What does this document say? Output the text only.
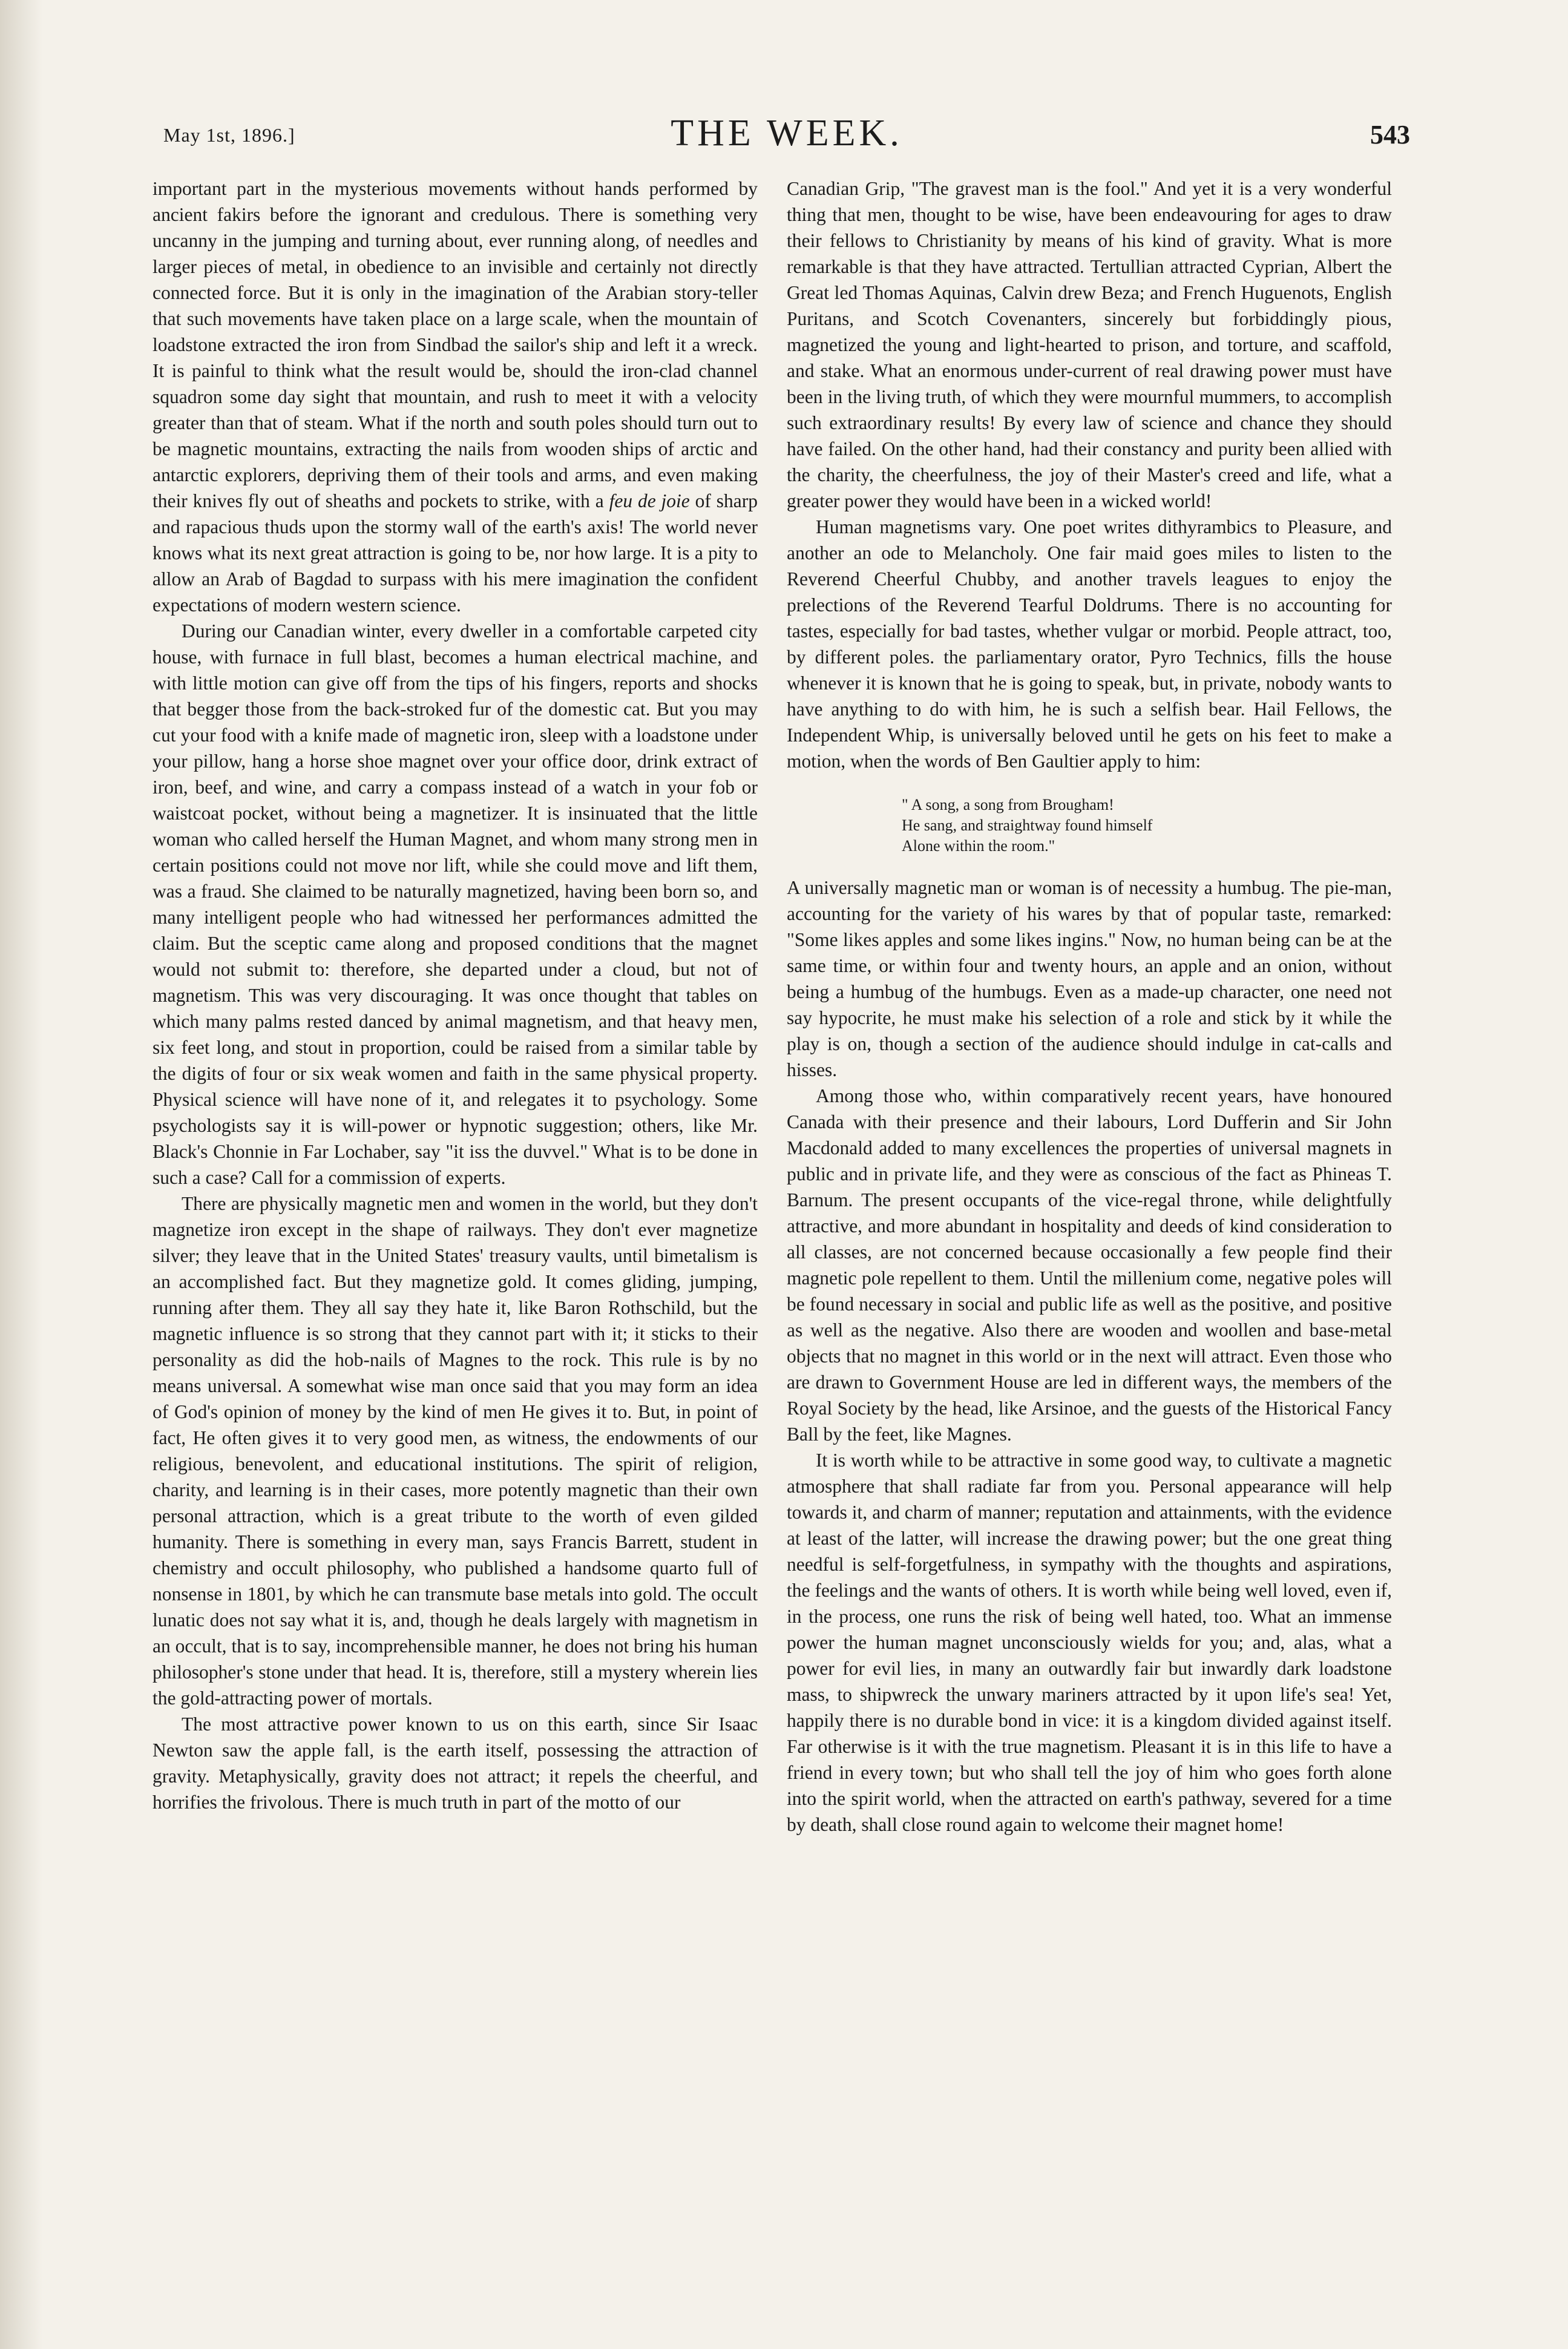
May 1st, 1896.]	THE WEEK.	543

important part in the mysterious movements without hands performed by ancient fakirs before the ignorant and credulous. There is something very uncanny in the jumping and turning about, ever running along, of needles and larger pieces of metal, in obedience to an invisible and certainly not directly connected force. But it is only in the imagination of the Arabian story-teller that such movements have taken place on a large scale, when the mountain of loadstone extracted the iron from Sindbad the sailor's ship and left it a wreck. It is painful to think what the result would be, should the iron-clad channel squadron some day sight that mountain, and rush to meet it with a velocity greater than that of steam. What if the north and south poles should turn out to be magnetic mountains, extracting the nails from wooden ships of arctic and antarctic explorers, depriving them of their tools and arms, and even making their knives fly out of sheaths and pockets to strike, with a feu de joie of sharp and rapacious thuds upon the stormy wall of the earth's axis! The world never knows what its next great attraction is going to be, nor how large. It is a pity to allow an Arab of Bagdad to surpass with his mere imagination the confident expectations of modern western science.

During our Canadian winter, every dweller in a comfortable carpeted city house, with furnace in full blast, becomes a human electrical machine, and with little motion can give off from the tips of his fingers, reports and shocks that begger those from the back-stroked fur of the domestic cat. But you may cut your food with a knife made of magnetic iron, sleep with a loadstone under your pillow, hang a horse shoe magnet over your office door, drink extract of iron, beef, and wine, and carry a compass instead of a watch in your fob or waistcoat pocket, without being a magnetizer. It is insinuated that the little woman who called herself the Human Magnet, and whom many strong men in certain positions could not move nor lift, while she could move and lift them, was a fraud. She claimed to be naturally magnetized, having been born so, and many intelligent people who had witnessed her performances admitted the claim. But the sceptic came along and proposed conditions that the magnet would not submit to: therefore, she departed under a cloud, but not of magnetism. This was very discouraging. It was once thought that tables on which many palms rested danced by animal magnetism, and that heavy men, six feet long, and stout in proportion, could be raised from a similar table by the digits of four or six weak women and faith in the same physical property. Physical science will have none of it, and relegates it to psychology. Some psychologists say it is will-power or hypnotic suggestion; others, like Mr. Black's Chonnie in Far Lochaber, say "it iss the duvvel." What is to be done in such a case? Call for a commission of experts.

There are physically magnetic men and women in the world, but they don't magnetize iron except in the shape of railways. They don't ever magnetize silver; they leave that in the United States' treasury vaults, until bimetalism is an accomplished fact. But they magnetize gold. It comes gliding, jumping, running after them. They all say they hate it, like Baron Rothschild, but the magnetic influence is so strong that they cannot part with it; it sticks to their personality as did the hob-nails of Magnes to the rock. This rule is by no means universal. A somewhat wise man once said that you may form an idea of God's opinion of money by the kind of men He gives it to. But, in point of fact, He often gives it to very good men, as witness, the endowments of our religious, benevolent, and educational institutions. The spirit of religion, charity, and learning is in their cases, more potently magnetic than their own personal attraction, which is a great tribute to the worth of even gilded humanity. There is something in every man, says Francis Barrett, student in chemistry and occult philosophy, who published a handsome quarto full of nonsense in 1801, by which he can transmute base metals into gold. The occult lunatic does not say what it is, and, though he deals largely with magnetism in an occult, that is to say, incomprehensible manner, he does not bring his human philosopher's stone under that head. It is, therefore, still a mystery wherein lies the gold-attracting power of mortals.

The most attractive power known to us on this earth, since Sir Isaac Newton saw the apple fall, is the earth itself, possessing the attraction of gravity. Metaphysically, gravity does not attract; it repels the cheerful, and horrifies the frivolous. There is much truth in part of the motto of our

Canadian Grip, "The gravest man is the fool." And yet it is a very wonderful thing that men, thought to be wise, have been endeavouring for ages to draw their fellows to Christianity by means of his kind of gravity. What is more remarkable is that they have attracted. Tertullian attracted Cyprian, Albert the Great led Thomas Aquinas, Calvin drew Beza; and French Huguenots, English Puritans, and Scotch Covenanters, sincerely but forbiddingly pious, magnetized the young and light-hearted to prison, and torture, and scaffold, and stake. What an enormous under-current of real drawing power must have been in the living truth, of which they were mournful mummers, to accomplish such extraordinary results! By every law of science and chance they should have failed. On the other hand, had their constancy and purity been allied with the charity, the cheerfulness, the joy of their Master's creed and life, what a greater power they would have been in a wicked world!

Human magnetisms vary. One poet writes dithyrambics to Pleasure, and another an ode to Melancholy. One fair maid goes miles to listen to the Reverend Cheerful Chubby, and another travels leagues to enjoy the prelections of the Reverend Tearful Doldrums. There is no accounting for tastes, especially for bad tastes, whether vulgar or morbid. People attract, too, by different poles. the parliamentary orator, Pyro Technics, fills the house whenever it is known that he is going to speak, but, in private, nobody wants to have anything to do with him, he is such a selfish bear. Hail Fellows, the Independent Whip, is universally beloved until he gets on his feet to make a motion, when the words of Ben Gaultier apply to him:

" A song, a song from Brougham!
He sang, and straightway found himself
Alone within the room."

A universally magnetic man or woman is of necessity a humbug. The pie-man, accounting for the variety of his wares by that of popular taste, remarked: "Some likes apples and some likes ingins." Now, no human being can be at the same time, or within four and twenty hours, an apple and an onion, without being a humbug of the humbugs. Even as a made-up character, one need not say hypocrite, he must make his selection of a role and stick by it while the play is on, though a section of the audience should indulge in cat-calls and hisses.

Among those who, within comparatively recent years, have honoured Canada with their presence and their labours, Lord Dufferin and Sir John Macdonald added to many excellences the properties of universal magnets in public and in private life, and they were as conscious of the fact as Phineas T. Barnum. The present occupants of the vice-regal throne, while delightfully attractive, and more abundant in hospitality and deeds of kind consideration to all classes, are not concerned because occasionally a few people find their magnetic pole repellent to them. Until the millenium come, negative poles will be found necessary in social and public life as well as the positive, and positive as well as the negative. Also there are wooden and woollen and base-metal objects that no magnet in this world or in the next will attract. Even those who are drawn to Government House are led in different ways, the members of the Royal Society by the head, like Arsinoe, and the guests of the Historical Fancy Ball by the feet, like Magnes.

It is worth while to be attractive in some good way, to cultivate a magnetic atmosphere that shall radiate far from you. Personal appearance will help towards it, and charm of manner; reputation and attainments, with the evidence at least of the latter, will increase the drawing power; but the one great thing needful is self-forgetfulness, in sympathy with the thoughts and aspirations, the feelings and the wants of others. It is worth while being well loved, even if, in the process, one runs the risk of being well hated, too. What an immense power the human magnet unconsciously wields for you; and, alas, what a power for evil lies, in many an outwardly fair but inwardly dark loadstone mass, to shipwreck the unwary mariners attracted by it upon life's sea! Yet, happily there is no durable bond in vice: it is a kingdom divided against itself. Far otherwise is it with the true magnetism. Pleasant it is in this life to have a friend in every town; but who shall tell the joy of him who goes forth alone into the spirit world, when the attracted on earth's pathway, severed for a time by death, shall close round again to welcome their magnet home!
